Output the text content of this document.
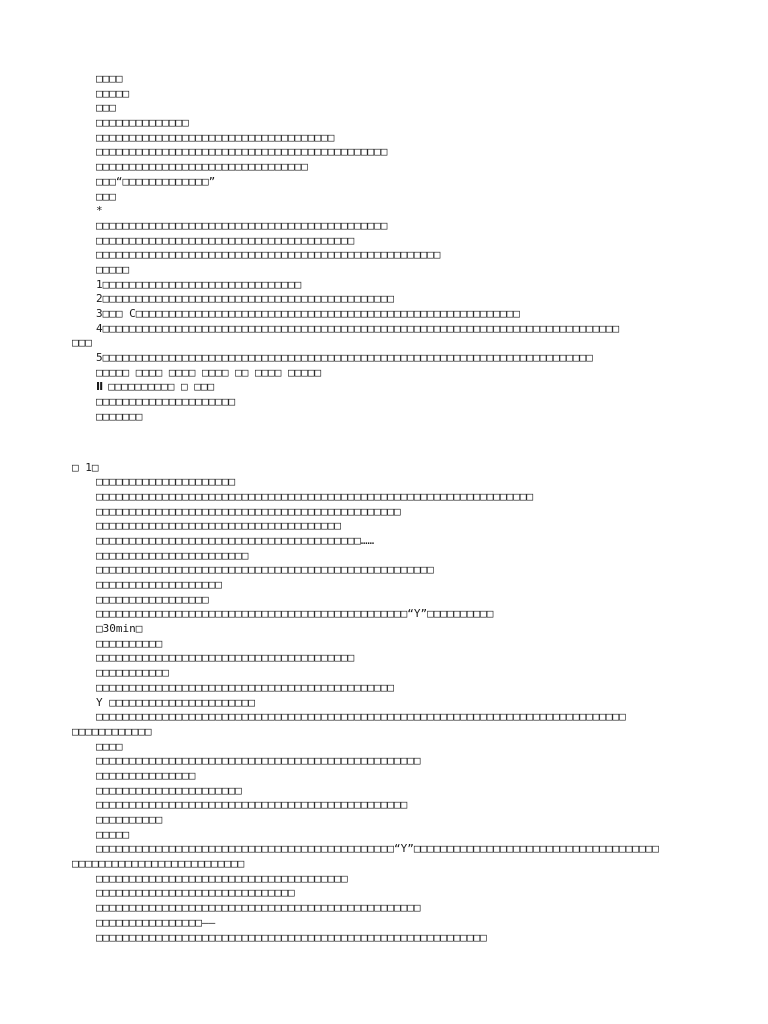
□□□□
□□□□□
□□□
□□□□□□□□□□□□□□
□□□□□□□□□□□□□□□□□□□□□□□□□□□□□□□□□□□□
□□□□□□□□□□□□□□□□□□□□□□□□□□□□□□□□□□□□□□□□□□□□
□□□□□□□□□□□□□□□□□□□□□□□□□□□□□□□□
□□□“□□□□□□□□□□□□□”
□□□
*
□□□□□□□□□□□□□□□□□□□□□□□□□□□□□□□□□□□□□□□□□□□□
□□□□□□□□□□□□□□□□□□□□□□□□□□□□□□□□□□□□□□□
□□□□□□□□□□□□□□□□□□□□□□□□□□□□□□□□□□□□□□□□□□□□□□□□□□□□
□□□□□
1□□□□□□□□□□□□□□□□□□□□□□□□□□□□□□
2□□□□□□□□□□□□□□□□□□□□□□□□□□□□□□□□□□□□□□□□□□□□
3□□□ C□□□□□□□□□□□□□□□□□□□□□□□□□□□□□□□□□□□□□□□□□□□□□□□□□□□□□□□□□□
4□□□□□□□□□□□□□□□□□□□□□□□□□□□□□□□□□□□□□□□□□□□□□□□□□□□□□□□□□□□□□□□□□□□□□□□□□□□□□□
□□□
5□□□□□□□□□□□□□□□□□□□□□□□□□□□□□□□□□□□□□□□□□□□□□□□□□□□□□□□□□□□□□□□□□□□□□□□□□□
□□□□□ □□□□ □□□□ □□□□ □□ □□□□ □□□□□
II □□□□□□□□□□ □ □□□
□□□□□□□□□□□□□□□□□□□□□
□□□□□□□
□ 1□
□□□□□□□□□□□□□□□□□□□□□
□□□□□□□□□□□□□□□□□□□□□□□□□□□□□□□□□□□□□□□□□□□□□□□□□□□□□□□□□□□□□□□□□□
□□□□□□□□□□□□□□□□□□□□□□□□□□□□□□□□□□□□□□□□□□□□□□
□□□□□□□□□□□□□□□□□□□□□□□□□□□□□□□□□□□□□
□□□□□□□□□□□□□□□□□□□□□□□□□□□□□□□□□□□□□□□□……
□□□□□□□□□□□□□□□□□□□□□□□
□□□□□□□□□□□□□□□□□□□□□□□□□□□□□□□□□□□□□□□□□□□□□□□□□□□
□□□□□□□□□□□□□□□□□□□
□□□□□□□□□□□□□□□□□
□□□□□□□□□□□□□□□□□□□□□□□□□□□□□□□□□□□□□□□□□□□□□□□“Y”□□□□□□□□□□
□30min□
□□□□□□□□□□
□□□□□□□□□□□□□□□□□□□□□□□□□□□□□□□□□□□□□□□
□□□□□□□□□□□
□□□□□□□□□□□□□□□□□□□□□□□□□□□□□□□□□□□□□□□□□□□□□
Y □□□□□□□□□□□□□□□□□□□□□□
□□□□□□□□□□□□□□□□□□□□□□□□□□□□□□□□□□□□□□□□□□□□□□□□□□□□□□□□□□□□□□□□□□□□□□□□□□□□□□□□
□□□□□□□□□□□□
□□□□
□□□□□□□□□□□□□□□□□□□□□□□□□□□□□□□□□□□□□□□□□□□□□□□□□
□□□□□□□□□□□□□□□
□□□□□□□□□□□□□□□□□□□□□□
□□□□□□□□□□□□□□□□□□□□□□□□□□□□□□□□□□□□□□□□□□□□□□□
□□□□□□□□□□
□□□□□
□□□□□□□□□□□□□□□□□□□□□□□□□□□□□□□□□□□□□□□□□□□□□“Y”□□□□□□□□□□□□□□□□□□□□□□□□□□□□□□□□□□□□□
□□□□□□□□□□□□□□□□□□□□□□□□□□
□□□□□□□□□□□□□□□□□□□□□□□□□□□□□□□□□□□□□□
□□□□□□□□□□□□□□□□□□□□□□□□□□□□□□
□□□□□□□□□□□□□□□□□□□□□□□□□□□□□□□□□□□□□□□□□□□□□□□□□
□□□□□□□□□□□□□□□□——
□□□□□□□□□□□□□□□□□□□□□□□□□□□□□□□□□□□□□□□□□□□□□□□□□□□□□□□□□□□
